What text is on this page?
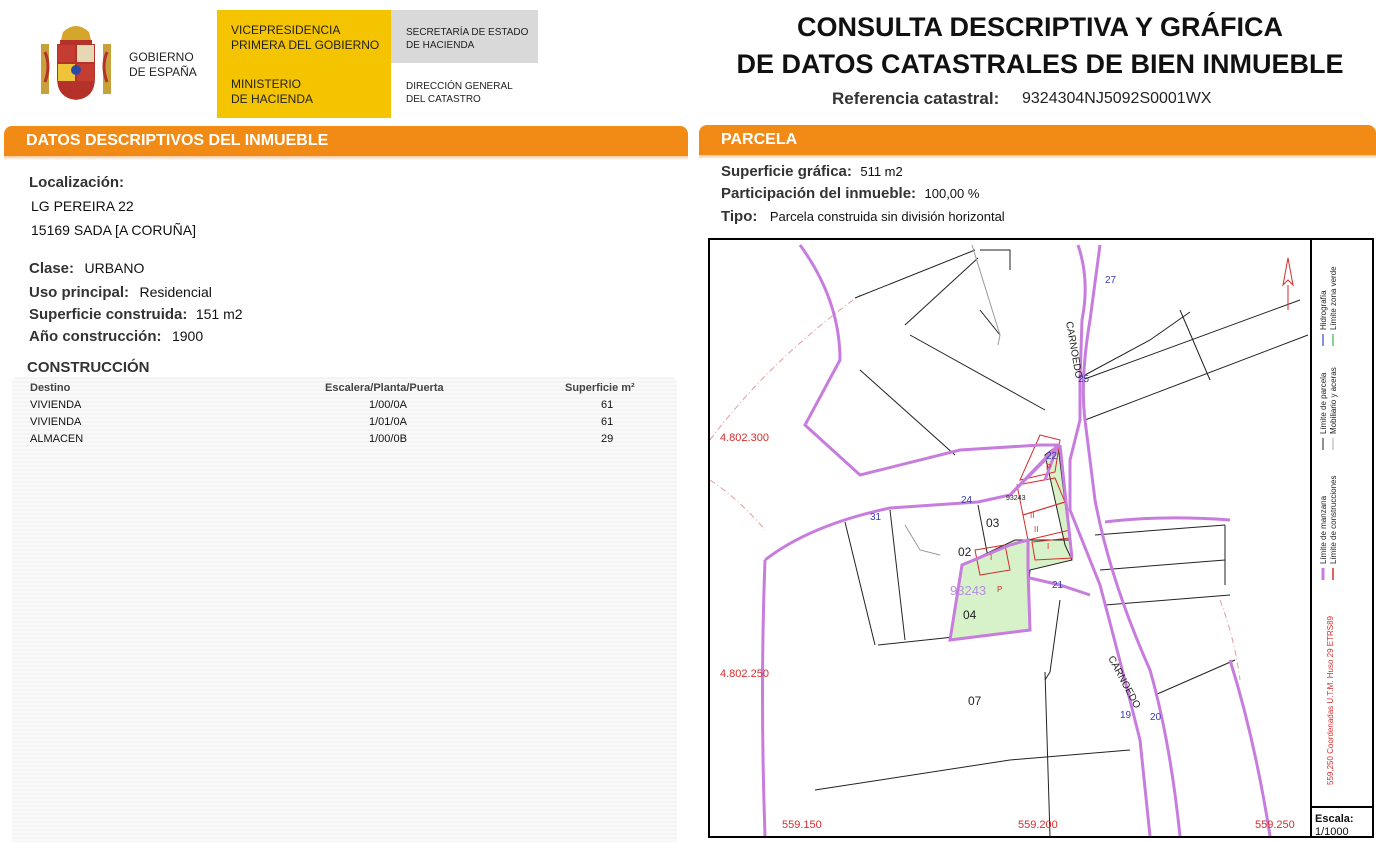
GOBIERNO
DE ESPAÑA
VICEPRESIDENCIA
PRIMERA DEL GOBIERNO
MINISTERIO
DE HACIENDA
SECRETARÍA DE ESTADO
DE HACIENDA
DIRECCIÓN GENERAL
DEL CATASTRO
CONSULTA DESCRIPTIVA Y GRÁFICA
DE DATOS CATASTRALES DE BIEN INMUEBLE
Referencia catastral: 9324304NJ5092S0001WX
DATOS DESCRIPTIVOS DEL INMUEBLE
Localización:
LG PEREIRA 22
15169 SADA [A CORUÑA]
Clase: URBANO
Uso principal: Residencial
Superficie construida: 151 m2
Año construcción: 1900
CONSTRUCCIÓN
Destino	Escalera/Planta/Puerta	Superficie m²
VIVIENDA	1/00/0A	61
VIVIENDA	1/01/0A	61
ALMACEN	1/00/0B	29
PARCELA
Superficie gráfica: 511 m2
Participación del inmueble: 100,00 %
Tipo: Parcela construida sin división horizontal
4.802.300
4.802.250
559.150	559.200	559.250
CARNOEDO
CARNOEDO
93243
93243
03
02
04
07
27
25
22
24
31
21
19 20
P
II
II
I
I
P
Límite de manzana Límite de construcciones
Límite de parcela Mobiliario y aceras
Hidrografía Límite zona verde
559,250 Coordenadas U.T.M. Huso 29 ETRS89
Escala:
1/1000
